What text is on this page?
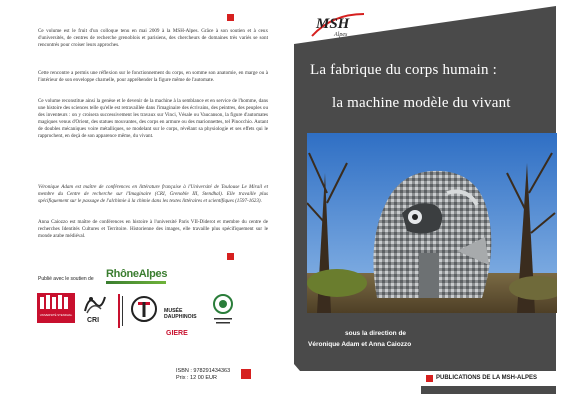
Ce volume est le fruit d'un colloque tenu en mai 2009 à la MSH-Alpes. Grâce à son soutien et à ceux d'universités, de centres de recherche grenoblois et parisiens, des chercheurs de domaines très variés se sont rencontrés pour croiser leurs approches.

Cette rencontre a permis une réflexion sur le fonctionnement du corps, en somme son anatomie, en marge ou à l'intérieur de son enveloppe charnelle, pour appréhender la figure même de l'automate.

Ce volume reconstitue ainsi la genèse et le devenir de la machine à la semblance et en service de l'homme, dans une histoire des sciences telle qu'elle est retravaillée dans l'imaginaire des écrivains, des peintres, des peuples ou des inventeurs : on y croisera successivement les travaux sur Vinci, Vésale ou Vaucanson, la figure d'automates magiques venus d'Orient, des statues mouvantes, des corps en armure ou des marionnettes, tel Pinocchio. Autant de doubles mécaniques voire métalliques, se modelant sur le corps, révélant sa physiologie et ses effets qui le rapprochent, en deçà de son apparence même, du vivant.

Véronique Adam est maître de conférences en littérature française à l'Université de Toulouse Le Mirail et membre du Centre de recherche sur l'Imaginaire (CRI, Grenoble III, Stendhal). Elle travaille plus spécifiquement sur le passage de l'alchimie à la chimie dans les textes littéraires et scientifiques (1597-1623).

Anna Caiozzo est maître de conférences en histoire à l'université Paris VII-Diderot et membre du centre de recherches Identités Cultures et Territoire. Historienne des images, elle travaille plus spécifiquement sur le monde arabe médiéval.

Publié avec le soutien de RhôneAlpes
UNIVERSITÉ STENDHAL
CRI
MUSÉE DAUPHINOIS
GIERE
ISBN : 978291434363
Prix : 12 00 EUR
MSH
Alpes
La fabrique du corps humain :
la machine modèle du vivant
sous la direction de
Véronique Adam et Anna Caiozzo
PUBLICATIONS DE LA MSH-ALPES
